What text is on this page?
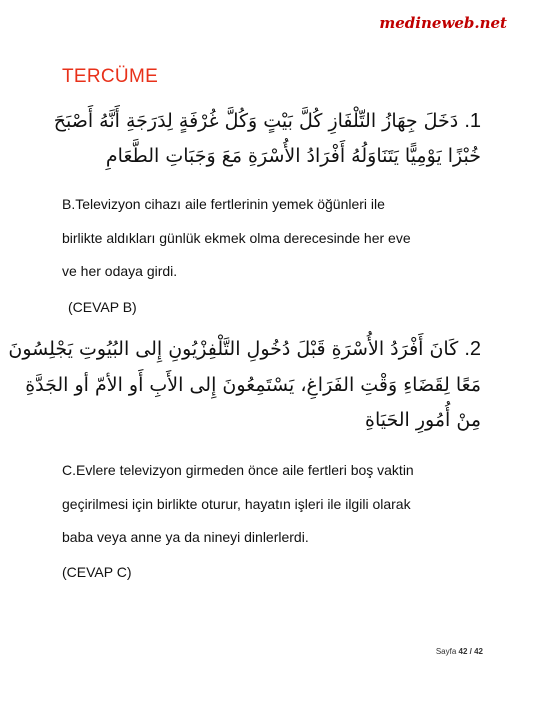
medineweb.net
TERCÜME
1. دَخَلَ جِهَازُ التِّلْفَازِ كُلَّ بَيْتٍ وَكُلَّ غُرْفَةٍ لِدَرَجَةِ أَنَّهُ أَصْبَحَ
خُبْزًا يَوْمِيًّا يَتَنَاوَلُهُ أَفْرَادُ الأُسْرَةِ مَعَ وَجَبَاتِ الطَّعَامِ
B.Televizyon cihazı aile fertlerinin yemek öğünleri ile
birlikte aldıkları günlük ekmek olma derecesinde her eve
ve her odaya girdi.
(CEVAP B)
2. كَانَ أَفْرَدُ الأُسْرَةِ قَبْلَ دُخُولِ التَّلْفِزْيُونِ إِلى البُيُوتِ يَجْلِسُونَ
مَعًا لِقَضَاءِ وَقْتِ الفَرَاغِ، يَسْتَمِعُونَ إِلى الأَبِ أَو الأمّ أو الجَدَّةِ
مِنْ أُمُورِ الحَيَاةِ
C.Evlere televizyon girmeden önce aile fertleri boş vaktin
geçirilmesi için birlikte oturur, hayatın işleri ile ilgili olarak
baba veya anne ya da nineyi dinlerlerdi.
(CEVAP C)
Sayfa 42 / 42
